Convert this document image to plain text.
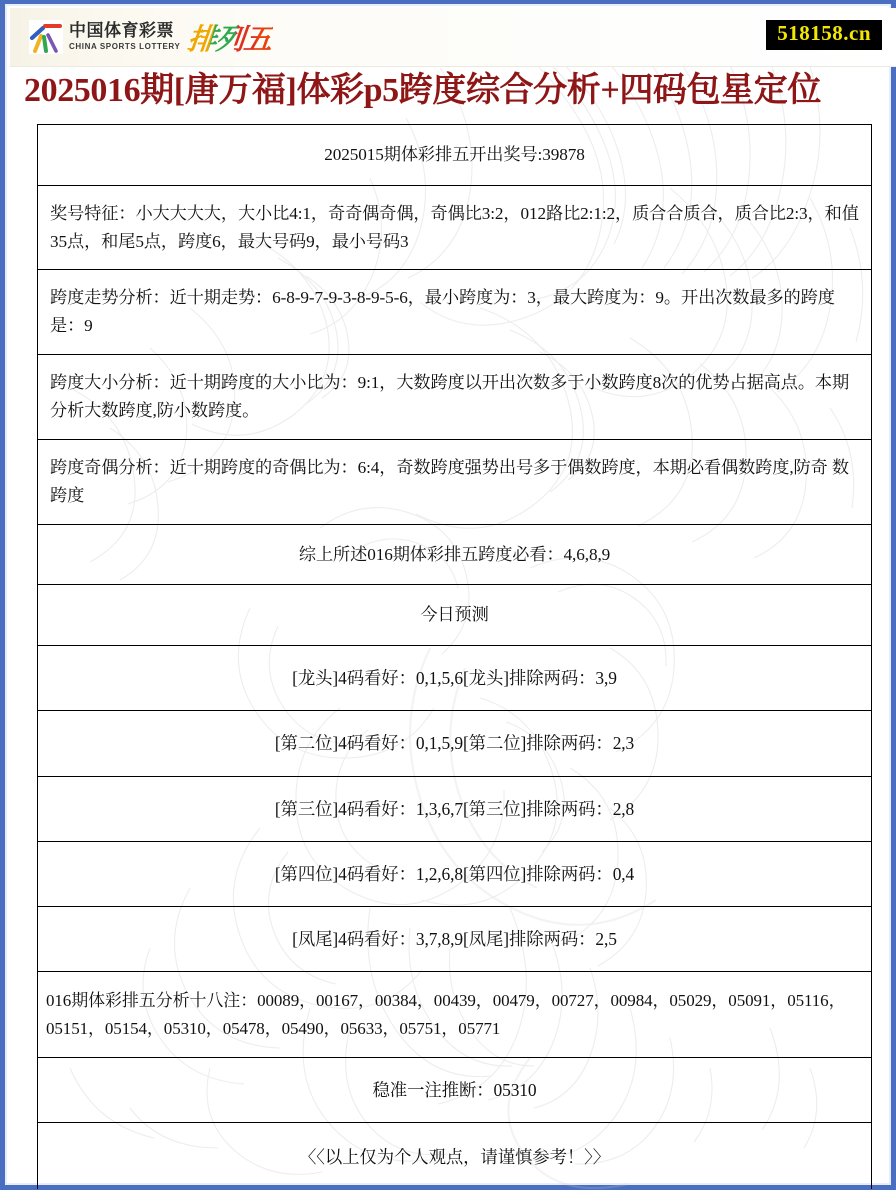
中国体育彩票
CHINA SPORTS LOTTERY 排列五	518158.cn
2025016期[唐万福]体彩p5跨度综合分析+四码包星定位
2025015期体彩排五开出奖号:39878

奖号特征：小大大大大，大小比4:1，奇奇偶奇偶，奇偶比3:2，012路比2:1:2，质合合质合，质合比2:3，和值35点，和尾5点，跨度6，最大号码9，最小号码3

跨度走势分析：近十期走势：6-8-9-7-9-3-8-9-5-6，最小跨度为：3，最大跨度为：9。开出次数最多的跨度是：9

跨度大小分析：近十期跨度的大小比为：9:1，大数跨度以开出次数多于小数跨度8次的优势占据高点。本期分析大数跨度,防小数跨度。

跨度奇偶分析：近十期跨度的奇偶比为：6:4，奇数跨度强势出号多于偶数跨度，本期必看偶数跨度,防奇 数跨度

综上所述016期体彩排五跨度必看：4,6,8,9

今日预测

[龙头]4码看好：0,1,5,6[龙头]排除两码：3,9

[第二位]4码看好：0,1,5,9[第二位]排除两码：2,3

[第三位]4码看好：1,3,6,7[第三位]排除两码：2,8

[第四位]4码看好：1,2,6,8[第四位]排除两码：0,4

[凤尾]4码看好：3,7,8,9[凤尾]排除两码：2,5

016期体彩排五分析十八注：00089，00167，00384，00439，00479，00727，00984，05029，05091，05116，05151，05154，05310，05478，05490，05633，05751，05771

稳准一注推断：05310

〈〈以上仅为个人观点，请谨慎参考！〉〉
